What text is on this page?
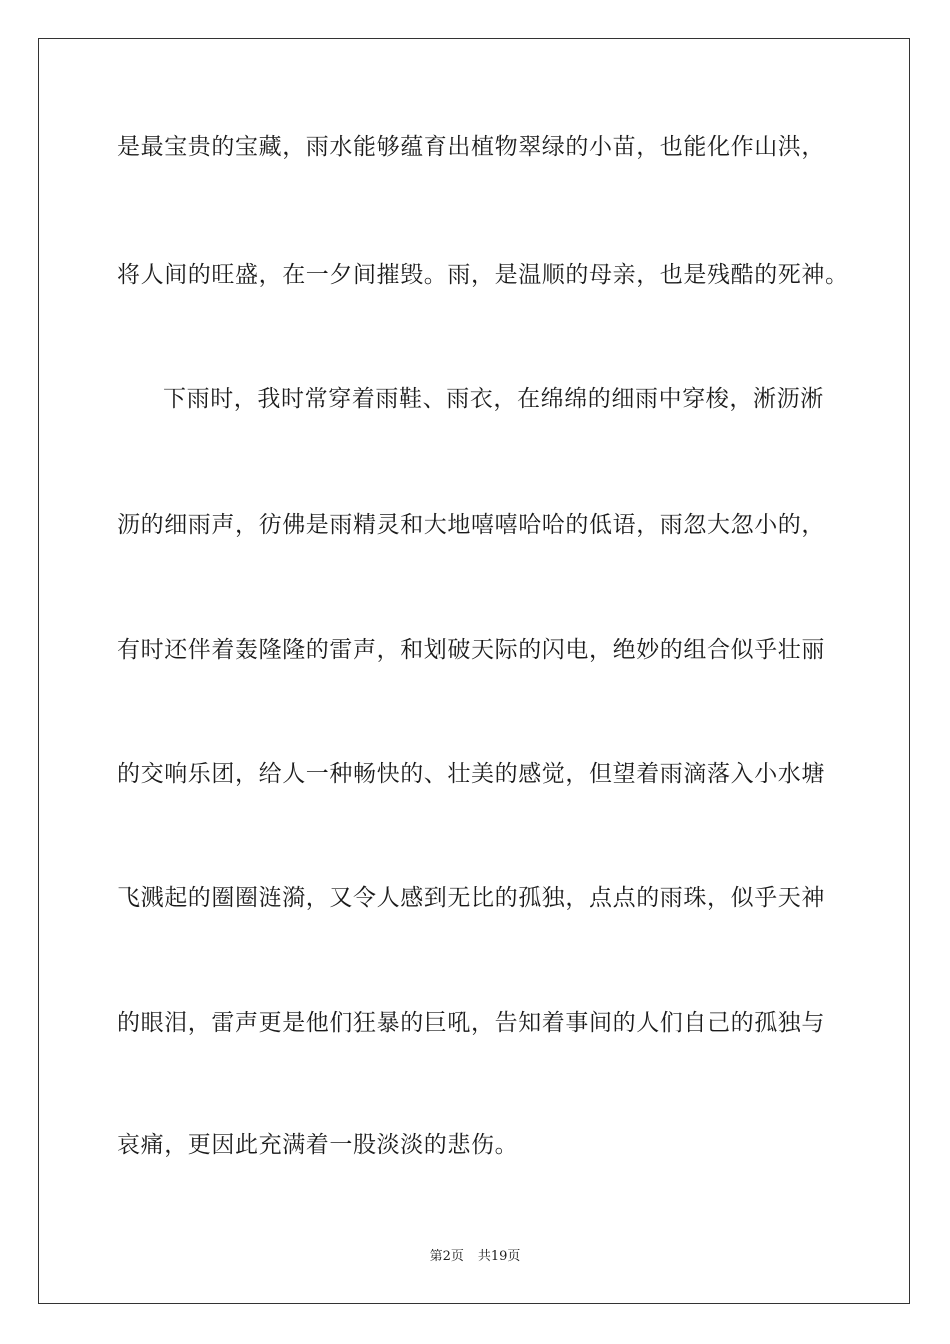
是最宝贵的宝藏，雨水能够蕴育出植物翠绿的小苗，也能化作山洪，
将人间的旺盛，在一夕间摧毁。雨，是温顺的母亲，也是残酷的死神。
下雨时，我时常穿着雨鞋、雨衣，在绵绵的细雨中穿梭，淅沥淅
沥的细雨声，彷佛是雨精灵和大地嘻嘻哈哈的低语，雨忽大忽小的，
有时还伴着轰隆隆的雷声，和划破天际的闪电，绝妙的组合似乎壮丽
的交响乐团，给人一种畅快的、壮美的感觉，但望着雨滴落入小水塘
飞溅起的圈圈涟漪，又令人感到无比的孤独，点点的雨珠，似乎天神
的眼泪，雷声更是他们狂暴的巨吼，告知着事间的人们自己的孤独与
哀痛，更因此充满着一股淡淡的悲伤。
第2页 共19页
